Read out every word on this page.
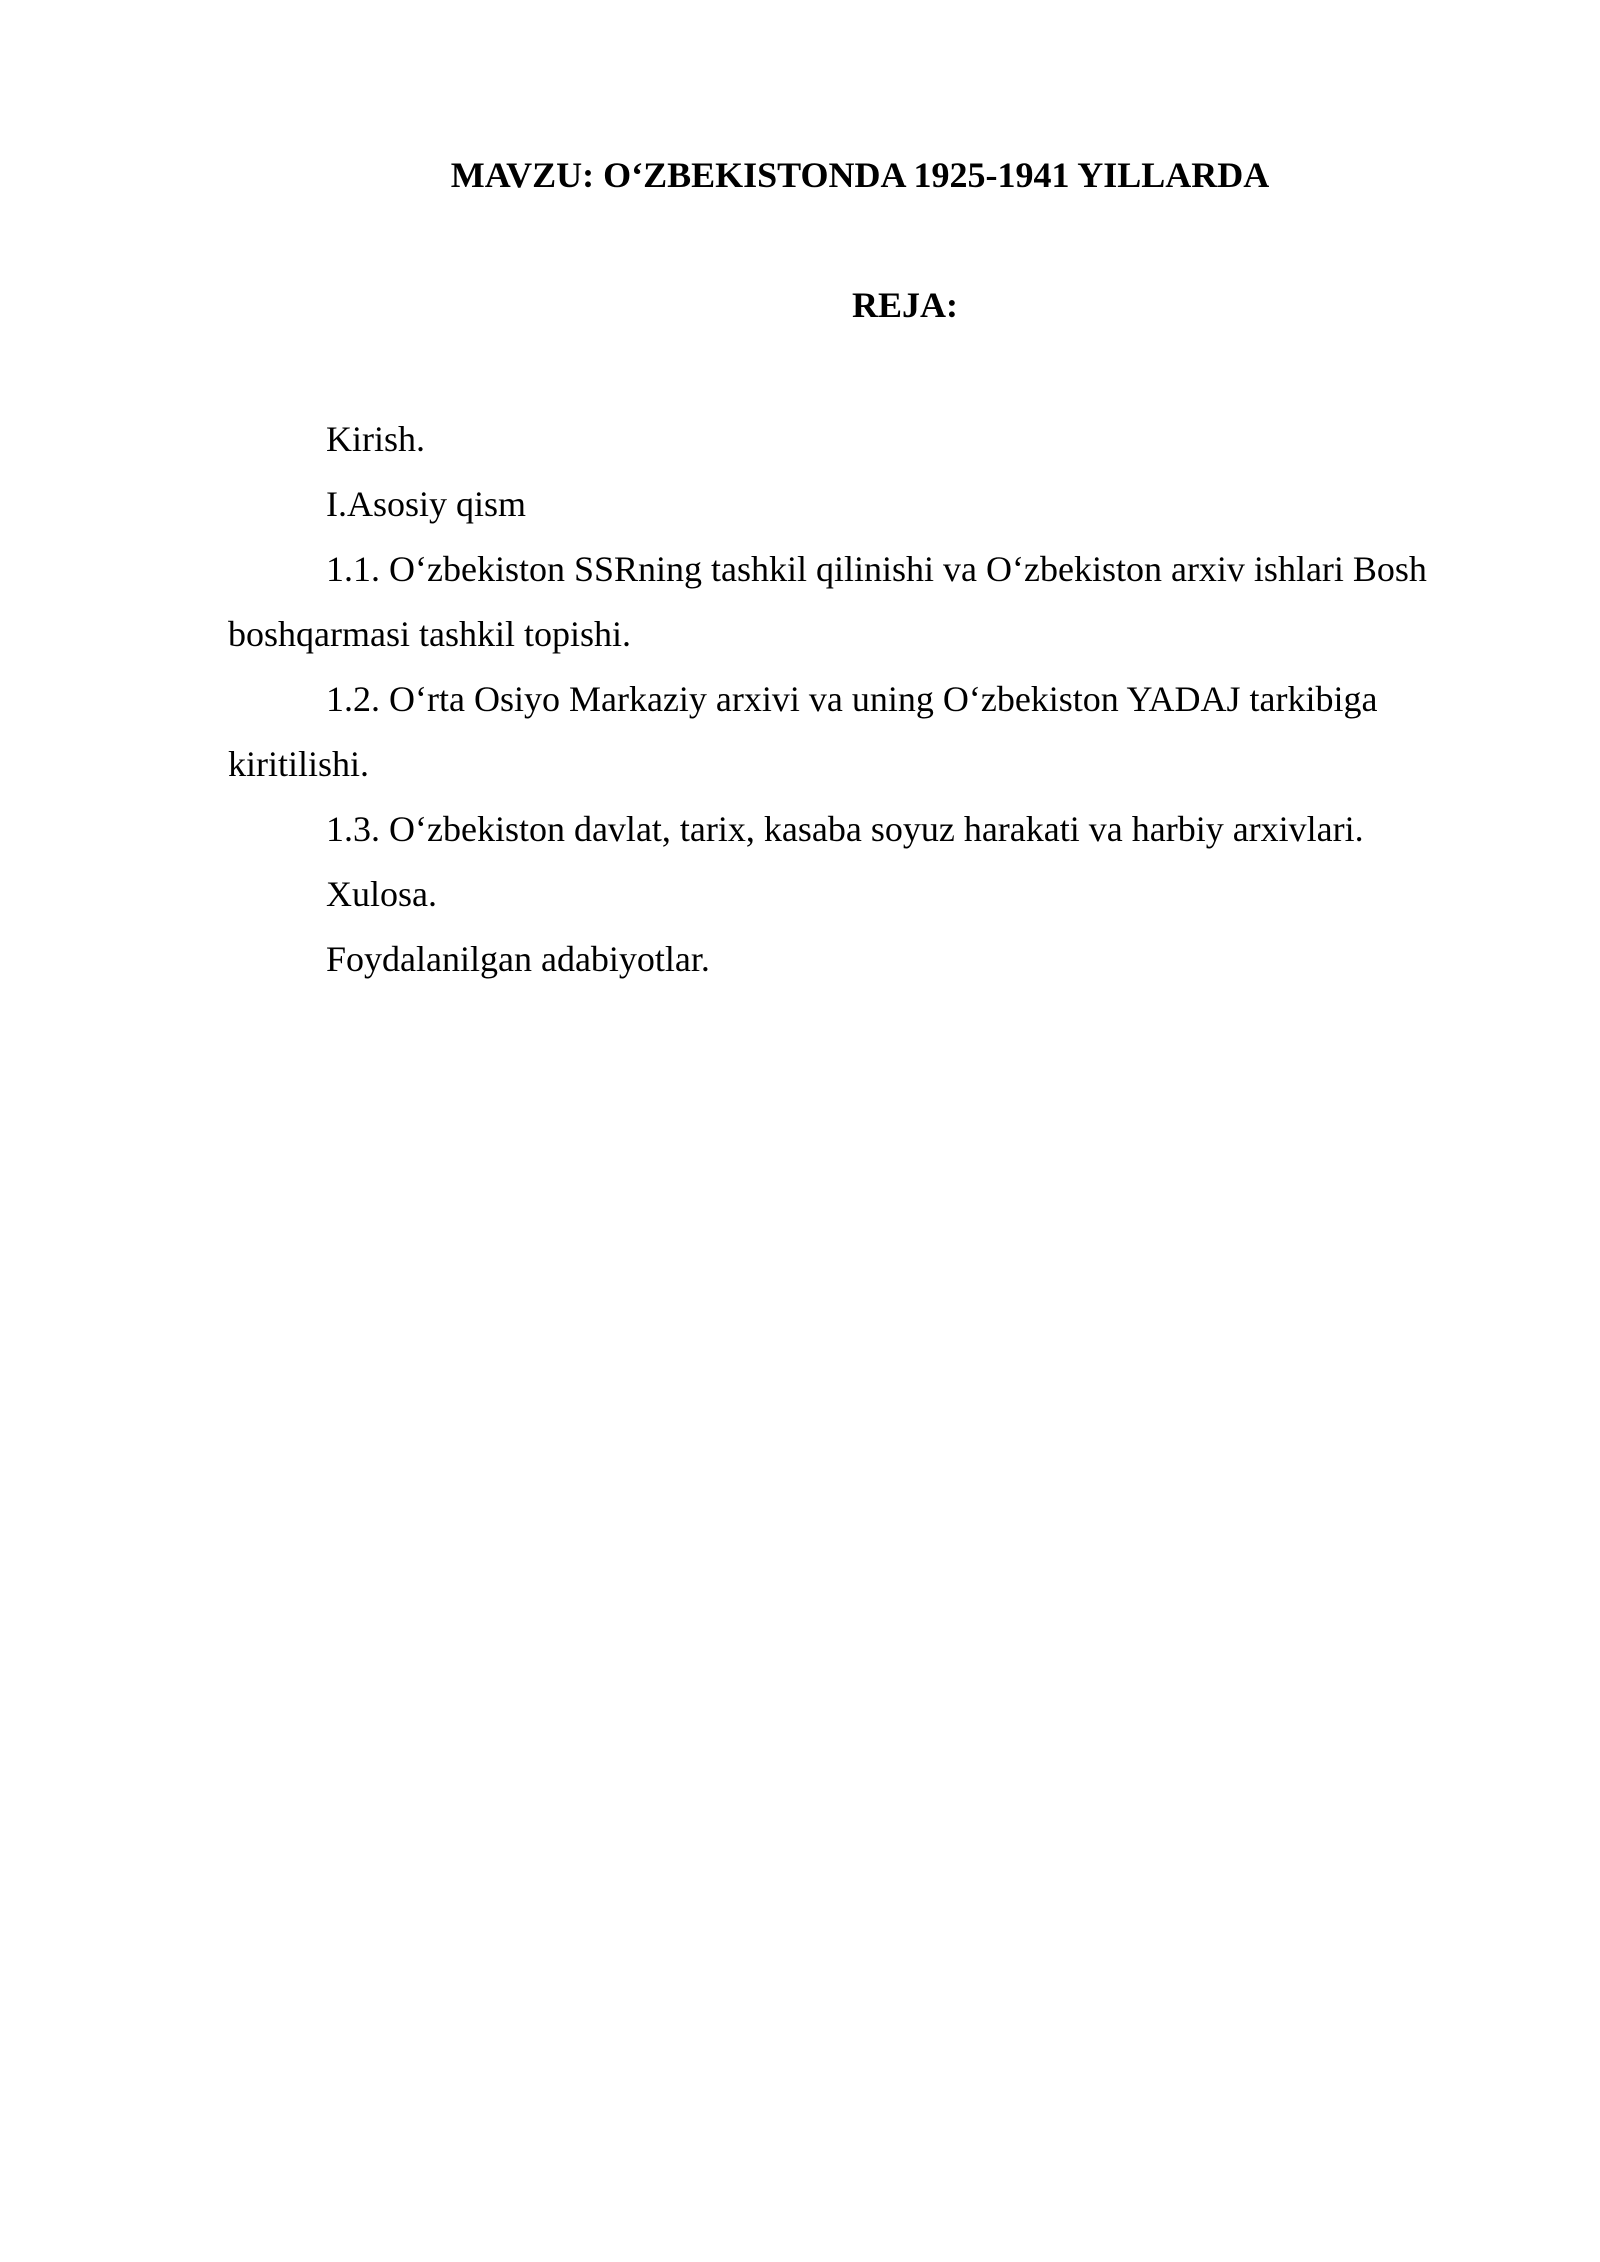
MAVZU: O‘ZBEKISTONDA 1925-1941 YILLARDA
REJA:
Kirish.
I.Asosiy qism
1.1. O‘zbekiston SSRning tashkil qilinishi va O‘zbekiston arxiv ishlari Bosh boshqarmasi tashkil topishi.
1.2. O‘rta Osiyo Markaziy arxivi va uning O‘zbekiston YADAJ tarkibiga kiritilishi.
1.3. O‘zbekiston davlat, tarix, kasaba soyuz harakati va harbiy arxivlari.
Xulosa.
Foydalanilgan adabiyotlar.
